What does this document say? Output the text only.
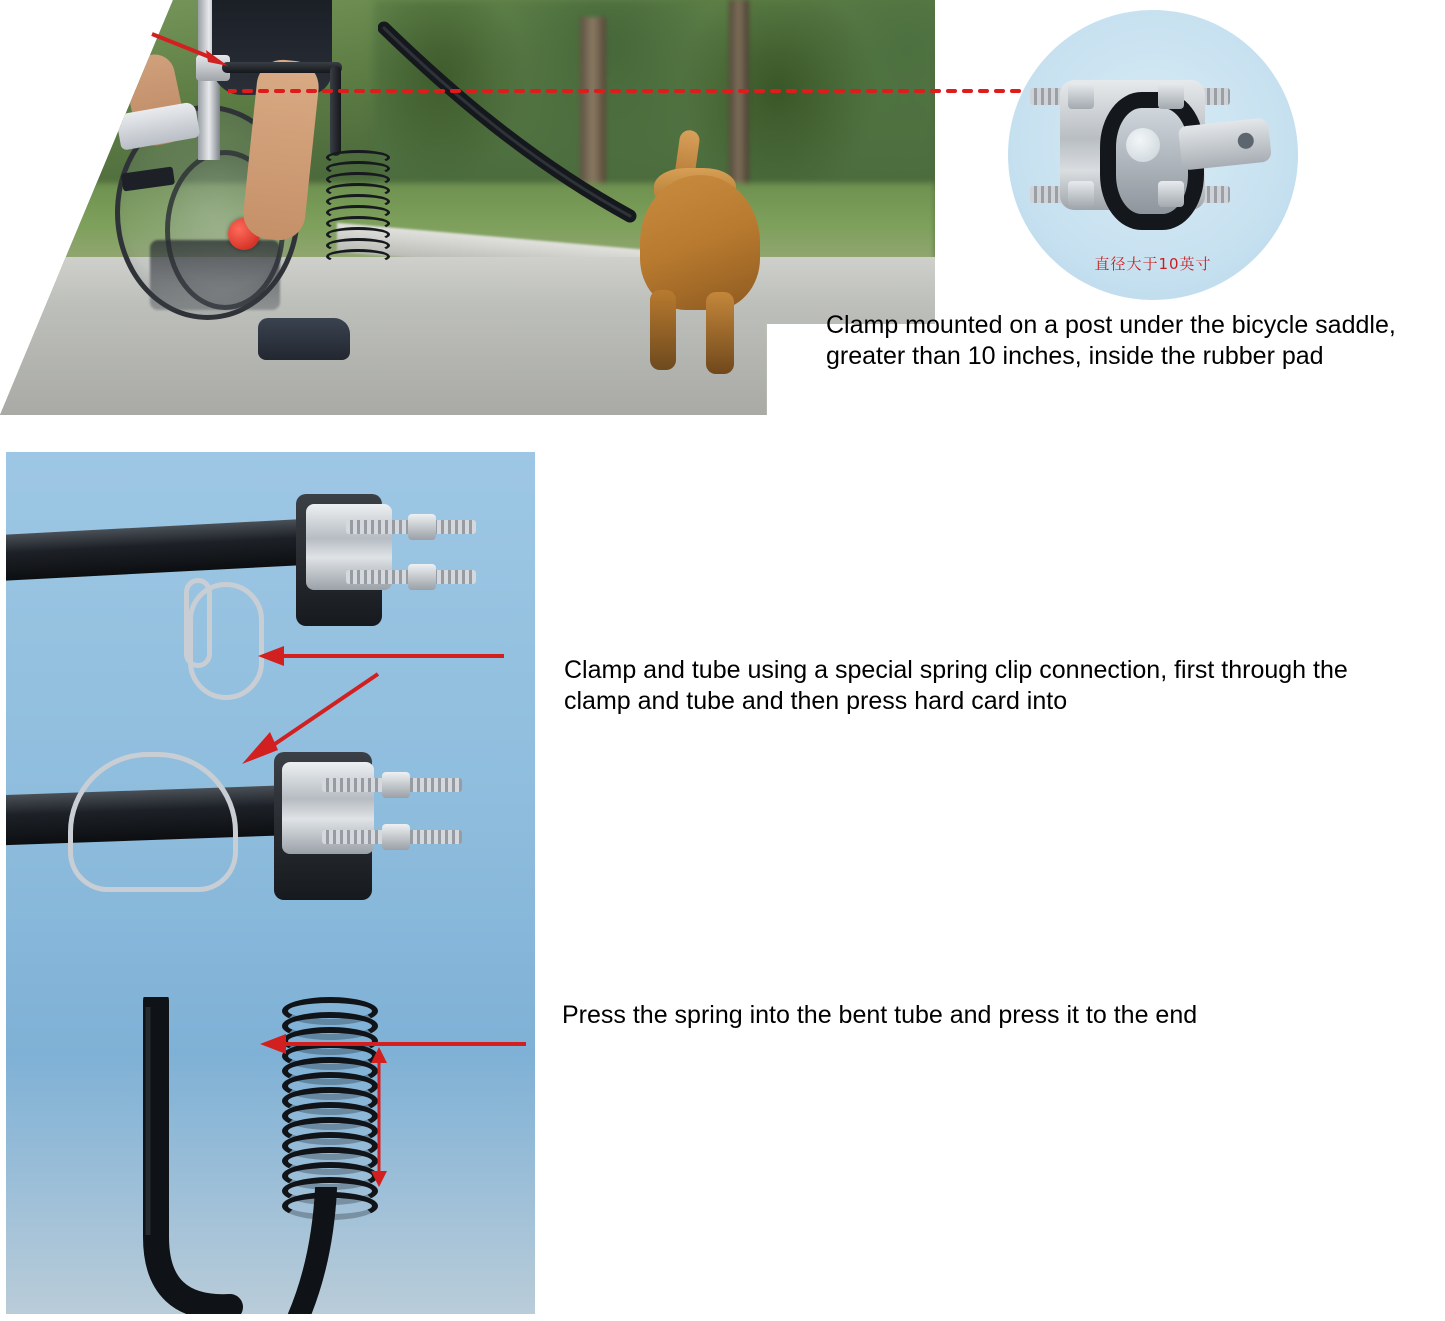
直径大于10英寸
Clamp mounted on a post under the bicycle saddle, greater than 10 inches, inside the rubber pad
Clamp and tube using a special spring clip connection, first through the clamp and tube and then press hard card into
Press the spring into the bent tube and press it to the end
